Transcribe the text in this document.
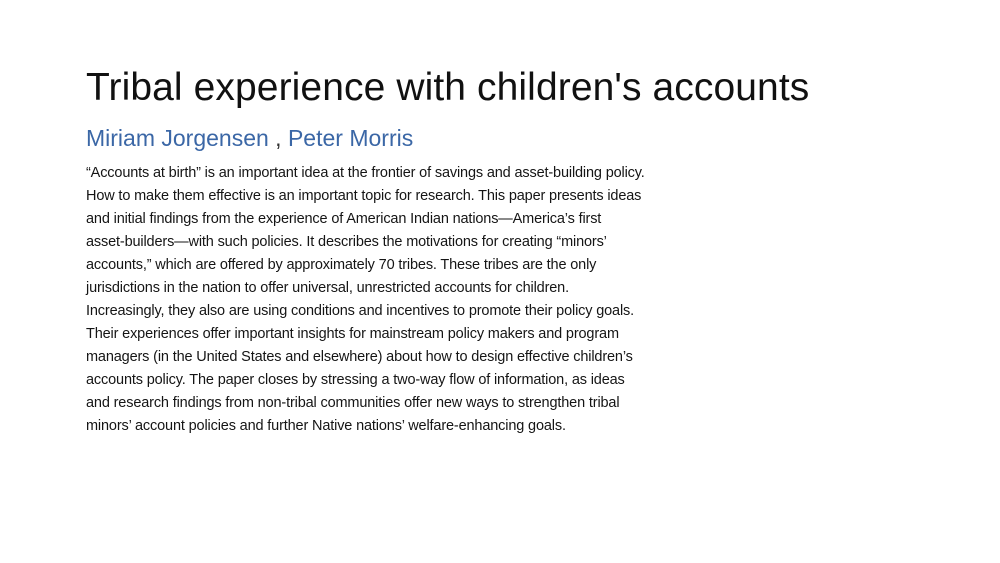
Tribal experience with children's accounts
Miriam Jorgensen , Peter Morris
“Accounts at birth” is an important idea at the frontier of savings and asset-building policy.
How to make them effective is an important topic for research. This paper presents ideas
and initial findings from the experience of American Indian nations—America’s first
asset-builders—with such policies. It describes the motivations for creating “minors’
accounts,” which are offered by approximately 70 tribes. These tribes are the only
jurisdictions in the nation to offer universal, unrestricted accounts for children.
Increasingly, they also are using conditions and incentives to promote their policy goals.
Their experiences offer important insights for mainstream policy makers and program
managers (in the United States and elsewhere) about how to design effective children’s
accounts policy. The paper closes by stressing a two-way flow of information, as ideas
and research findings from non-tribal communities offer new ways to strengthen tribal
minors’ account policies and further Native nations’ welfare-enhancing goals.
